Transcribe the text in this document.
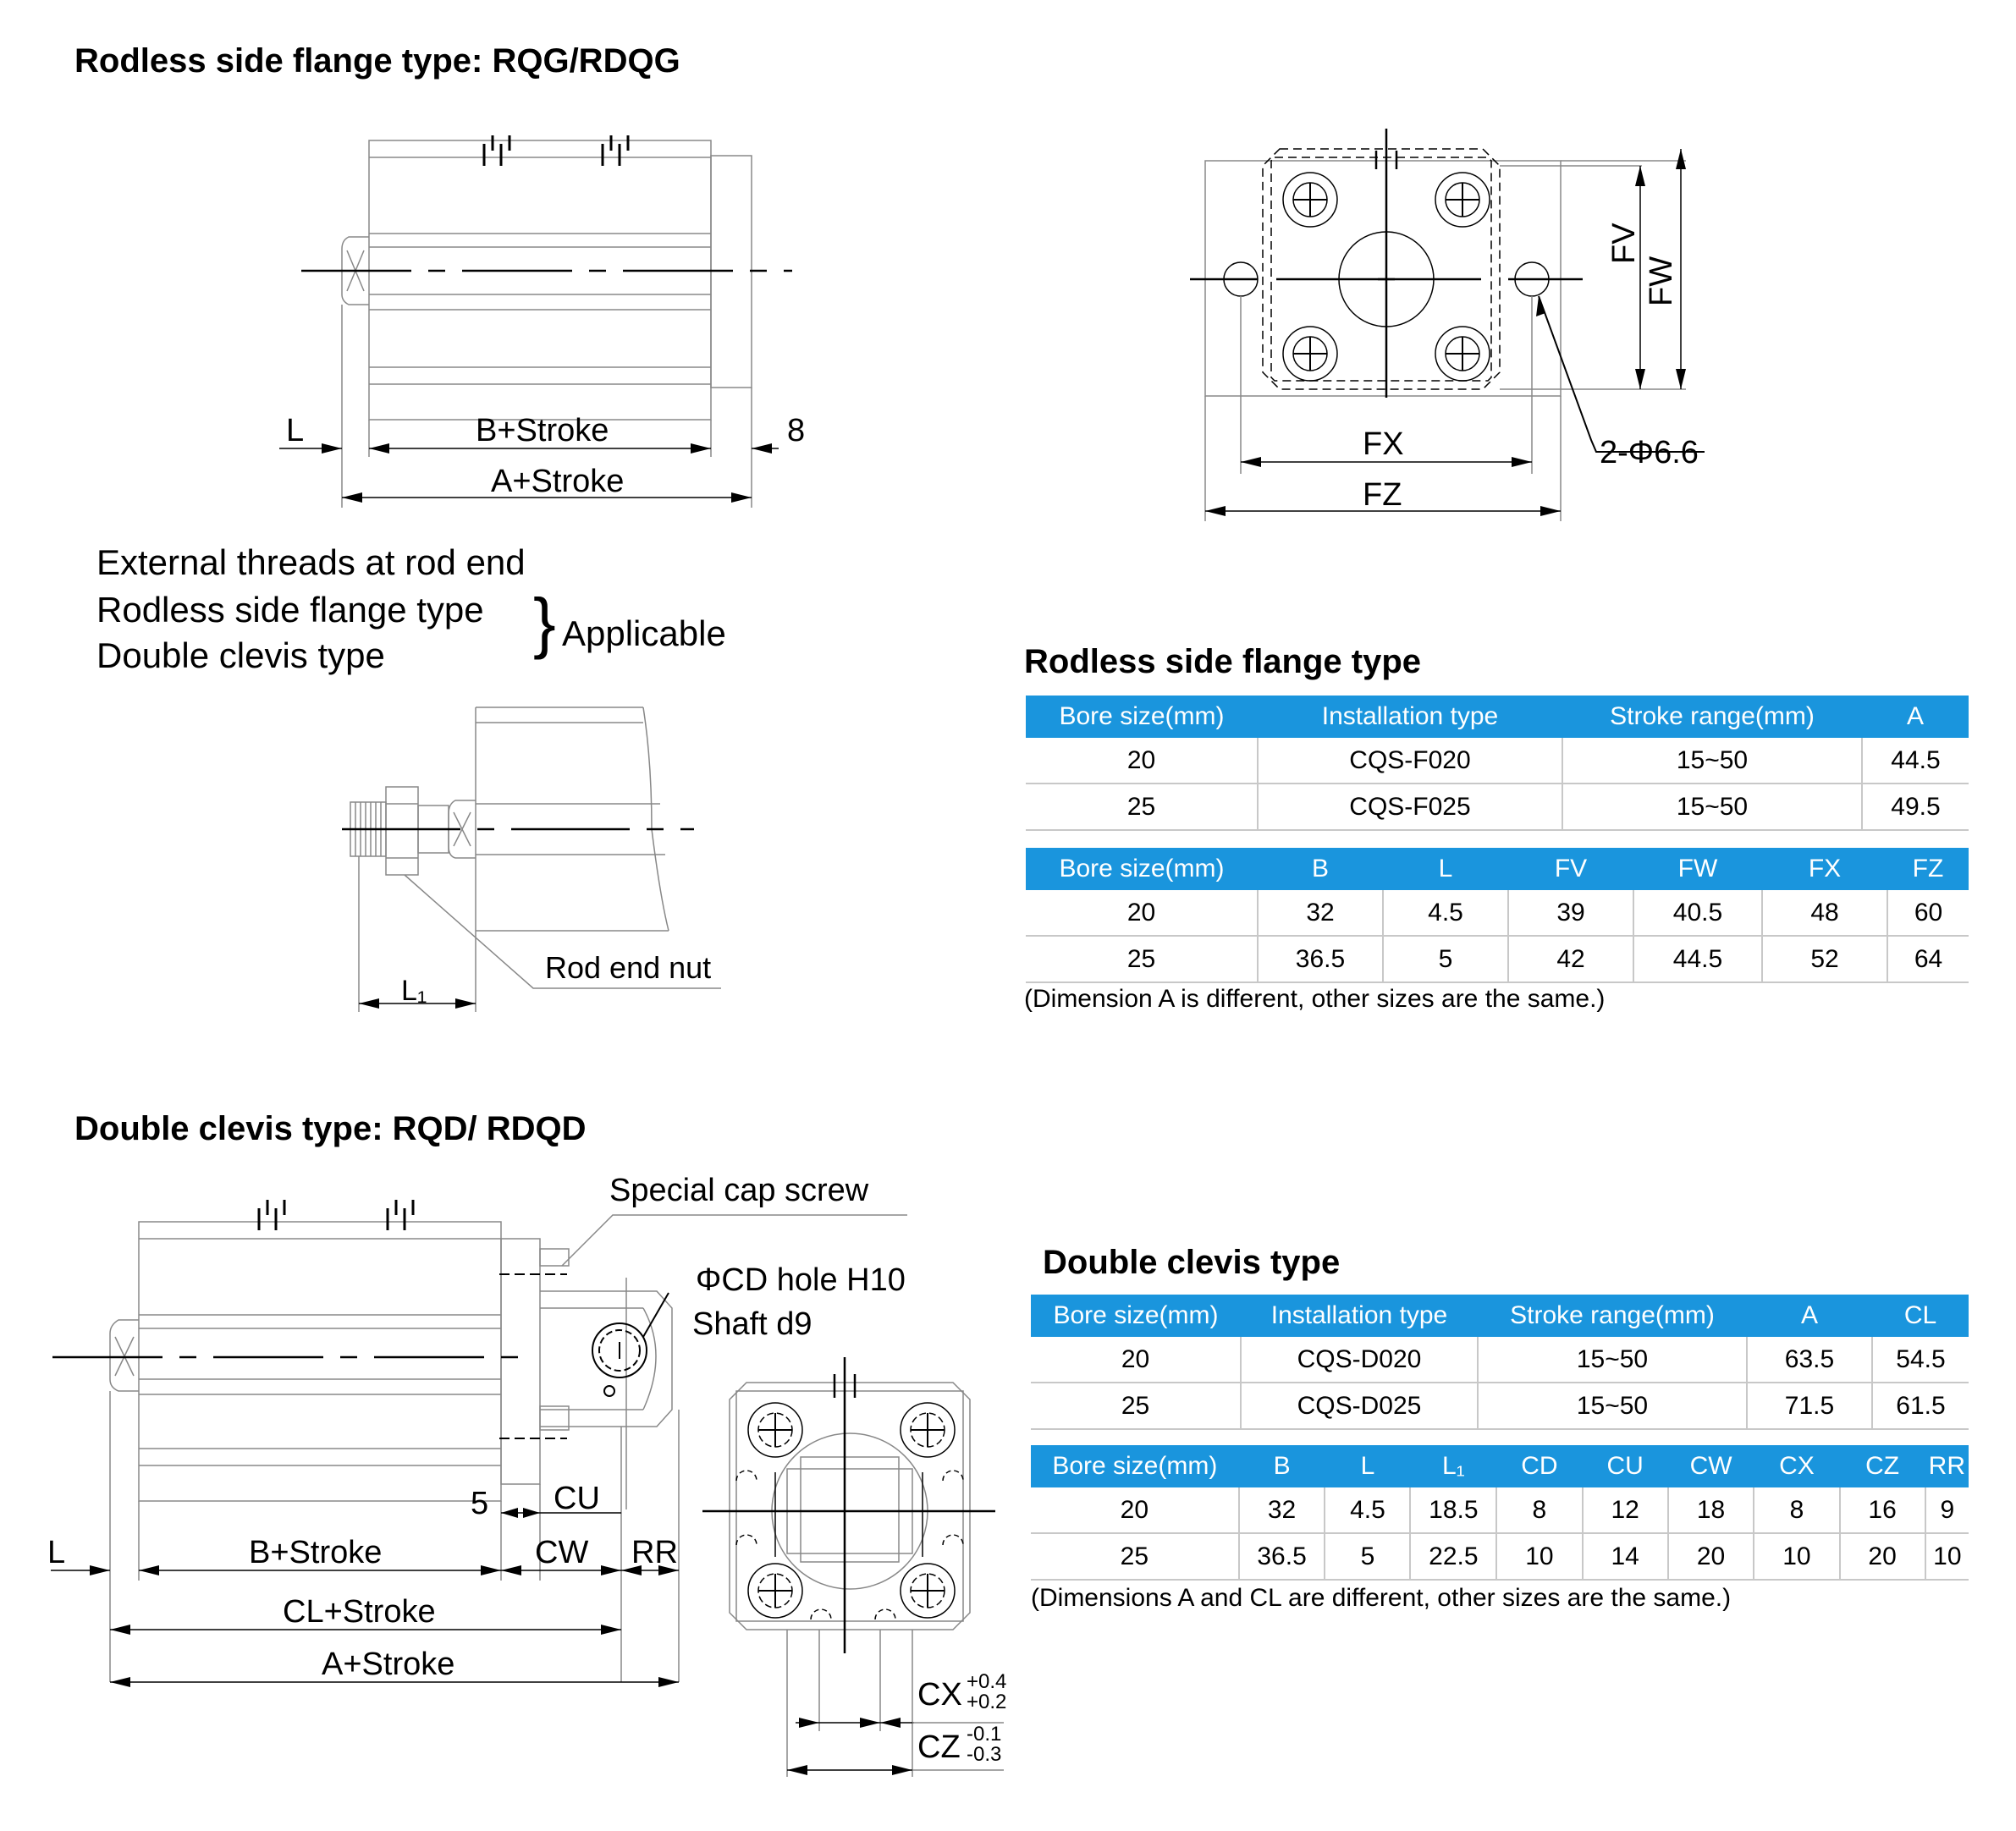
Rodless side flange type: RQG/RDQG
Double clevis type: RQD/ RDQD
L	B+Stroke	8
A+Stroke
FV
FW
FX
FZ
2-Φ6.6
External threads at rod end
Rodless side flange type
Double clevis type } Applicable
Rod end nut
L₁
Special cap screw
ΦCD hole H10
Shaft d9
5 CU
L	B+Stroke	CW RR
CL+Stroke
A+Stroke
CX +0.4
+0.2
CZ -0.1
-0.3
Rodless side flange type
Bore size(mm)	Installation type	Stroke range(mm)	A
20	CQS-F020	15~50	44.5
25	CQS-F025	15~50	49.5
Bore size(mm)	B	L	FV	FW	FX	FZ
20	32	4.5	39	40.5	48	60
25	36.5	5	42	44.5	52	64
(Dimension A is different, other sizes are the same.)
Double clevis type
Bore size(mm)	Installation type	Stroke range(mm)	A	CL
20	CQS-D020	15~50	63.5	54.5
25	CQS-D025	15~50	71.5	61.5
Bore size(mm)	B	L	L₁	CD	CU	CW	CX	CZ	RR
20	32	4.5	18.5	8	12	18	8	16	9
25	36.5	5	22.5	10	14	20	10	20	10
(Dimensions A and CL are different, other sizes are the same.)
